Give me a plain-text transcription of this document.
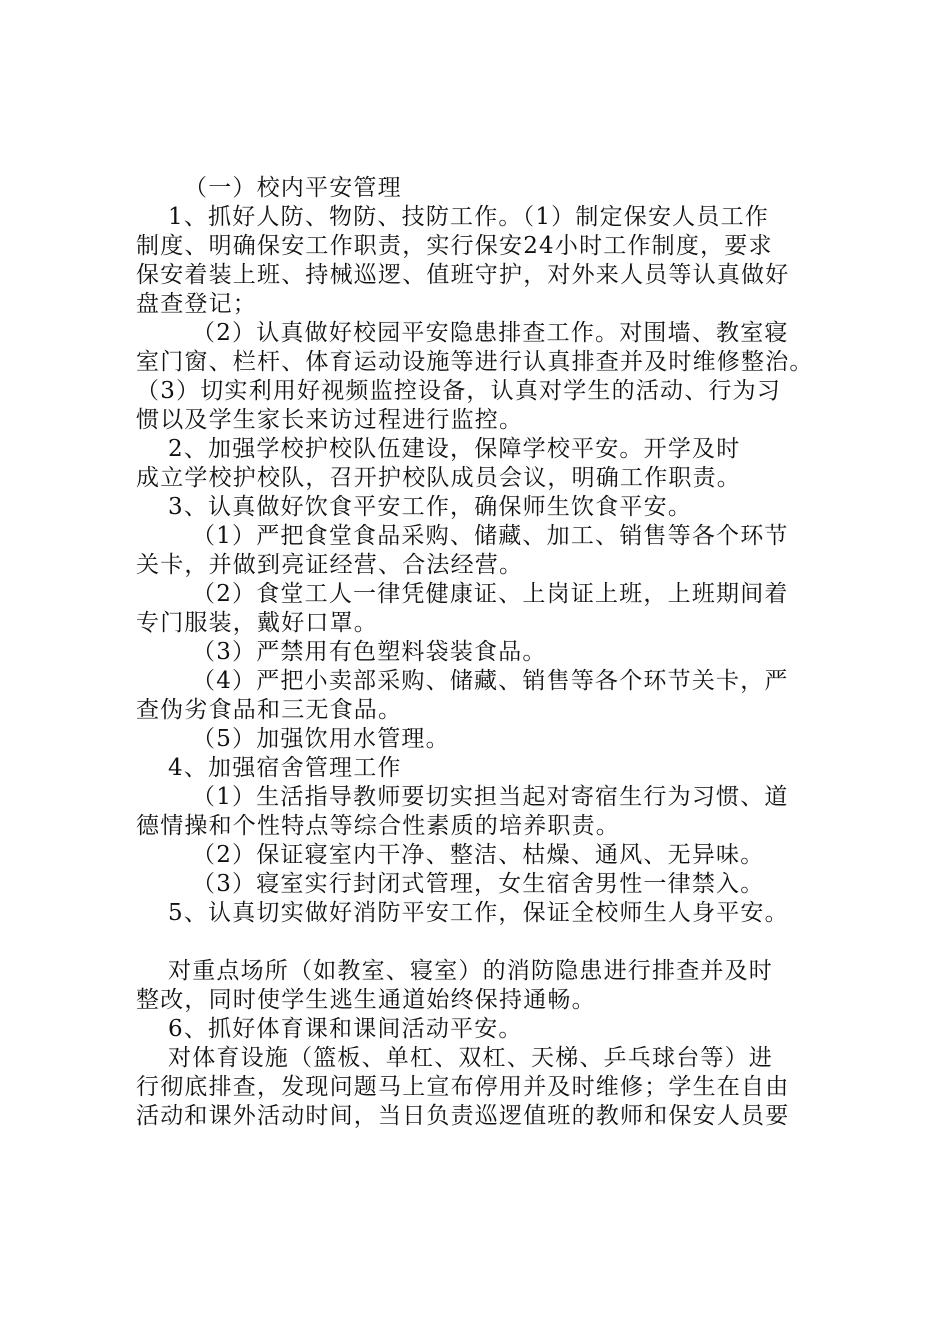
（一）校内平安管理

1、抓好人防、物防、技防工作。（1）制定保安人员工作

制度、明确保安工作职责，实行保安24小时工作制度，要求

保安着装上班、持械巡逻、值班守护，对外来人员等认真做好

盘查登记；

（2）认真做好校园平安隐患排查工作。对围墙、教室寝

室门窗、栏杆、体育运动设施等进行认真排查并及时维修整治。

（3）切实利用好视频监控设备，认真对学生的活动、行为习

惯以及学生家长来访过程进行监控。

2、加强学校护校队伍建设，保障学校平安。开学及时

成立学校护校队，召开护校队成员会议，明确工作职责。

3、认真做好饮食平安工作，确保师生饮食平安。

（1）严把食堂食品采购、储藏、加工、销售等各个环节

关卡，并做到亮证经营、合法经营。

（2）食堂工人一律凭健康证、上岗证上班，上班期间着

专门服装，戴好口罩。

（3）严禁用有色塑料袋装食品。

（4）严把小卖部采购、储藏、销售等各个环节关卡，严

查伪劣食品和三无食品。

（5）加强饮用水管理。

4、加强宿舍管理工作

（1）生活指导教师要切实担当起对寄宿生行为习惯、道

德情操和个性特点等综合性素质的培养职责。

（2）保证寝室内干净、整洁、枯燥、通风、无异味。

（3）寝室实行封闭式管理，女生宿舍男性一律禁入。

5、认真切实做好消防平安工作，保证全校师生人身平安。

对重点场所（如教室、寝室）的消防隐患进行排查并及时

整改，同时使学生逃生通道始终保持通畅。

6、抓好体育课和课间活动平安。

对体育设施（篮板、单杠、双杠、天梯、乒乓球台等）进

行彻底排查，发现问题马上宣布停用并及时维修；学生在自由

活动和课外活动时间，当日负责巡逻值班的教师和保安人员要
